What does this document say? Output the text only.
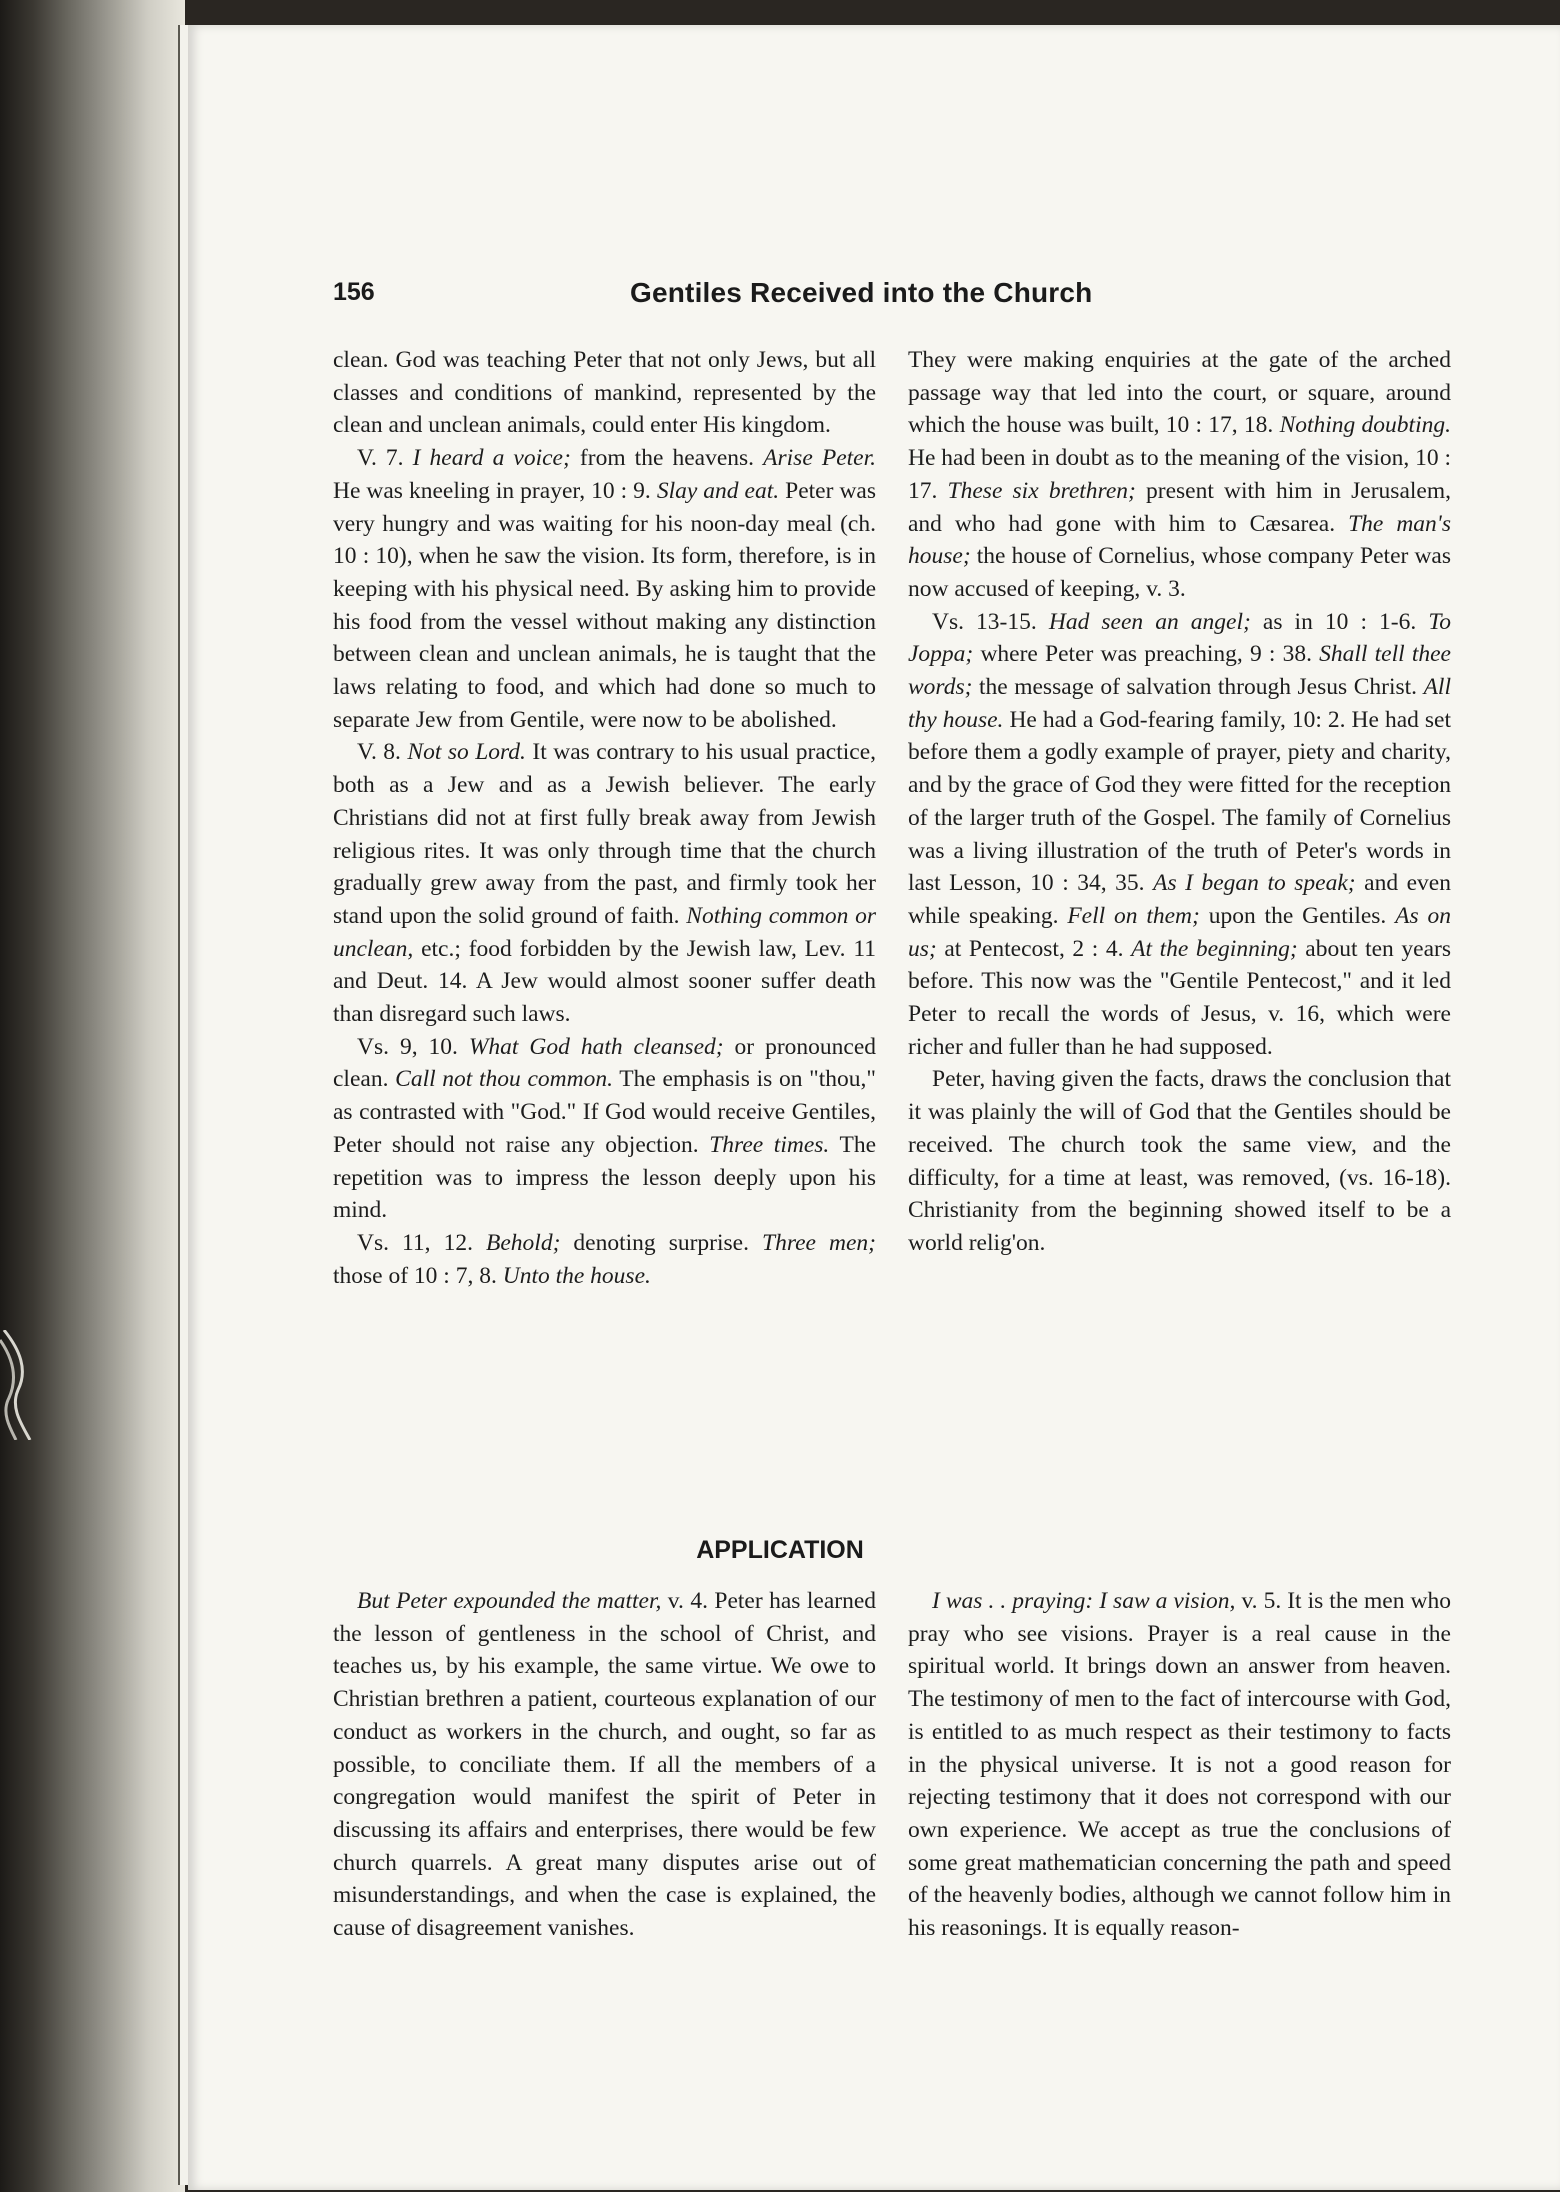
156	Gentiles Received into the Church

clean. God was teaching Peter that not only Jews, but all classes and conditions of mankind, represented by the clean and unclean animals, could enter His kingdom.

V. 7. I heard a voice; from the heavens. Arise Peter. He was kneeling in prayer, 10 : 9. Slay and eat. Peter was very hungry and was waiting for his noon-day meal (ch. 10 : 10), when he saw the vision. Its form, therefore, is in keeping with his physical need. By asking him to provide his food from the vessel without making any distinction between clean and unclean animals, he is taught that the laws relating to food, and which had done so much to separate Jew from Gentile, were now to be abolished.

V. 8. Not so Lord. It was contrary to his usual practice, both as a Jew and as a Jewish believer. The early Christians did not at first fully break away from Jewish religious rites. It was only through time that the church gradually grew away from the past, and firmly took her stand upon the solid ground of faith. Nothing common or unclean, etc.; food forbidden by the Jewish law, Lev. 11 and Deut. 14. A Jew would almost sooner suffer death than disregard such laws.

Vs. 9, 10. What God hath cleansed; or pronounced clean. Call not thou common. The emphasis is on "thou," as contrasted with "God." If God would receive Gentiles, Peter should not raise any objection. Three times. The repetition was to impress the lesson deeply upon his mind.

Vs. 11, 12. Behold; denoting surprise. Three men; those of 10 : 7, 8. Unto the house.

They were making enquiries at the gate of the arched passage way that led into the court, or square, around which the house was built, 10 : 17, 18. Nothing doubting. He had been in doubt as to the meaning of the vision, 10 : 17. These six brethren; present with him in Jerusalem, and who had gone with him to Cæsarea. The man's house; the house of Cornelius, whose company Peter was now accused of keeping, v. 3.

Vs. 13-15. Had seen an angel; as in 10 : 1-6. To Joppa; where Peter was preaching, 9 : 38. Shall tell thee words; the message of salvation through Jesus Christ. All thy house. He had a God-fearing family, 10: 2. He had set before them a godly example of prayer, piety and charity, and by the grace of God they were fitted for the reception of the larger truth of the Gospel. The family of Cornelius was a living illustration of the truth of Peter's words in last Lesson, 10 : 34, 35. As I began to speak; and even while speaking. Fell on them; upon the Gentiles. As on us; at Pentecost, 2 : 4. At the beginning; about ten years before. This now was the "Gentile Pentecost," and it led Peter to recall the words of Jesus, v. 16, which were richer and fuller than he had supposed.

Peter, having given the facts, draws the conclusion that it was plainly the will of God that the Gentiles should be received. The church took the same view, and the difficulty, for a time at least, was removed, (vs. 16-18). Christianity from the beginning showed itself to be a world relig'on.

APPLICATION

But Peter expounded the matter, v. 4. Peter has learned the lesson of gentleness in the school of Christ, and teaches us, by his example, the same virtue. We owe to Christian brethren a patient, courteous explanation of our conduct as workers in the church, and ought, so far as possible, to conciliate them. If all the members of a congregation would manifest the spirit of Peter in discussing its affairs and enterprises, there would be few church quarrels. A great many disputes arise out of misunderstandings, and when the case is explained, the cause of disagreement vanishes.

I was . . praying: I saw a vision, v. 5. It is the men who pray who see visions. Prayer is a real cause in the spiritual world. It brings down an answer from heaven. The testimony of men to the fact of intercourse with God, is entitled to as much respect as their testimony to facts in the physical universe. It is not a good reason for rejecting testimony that it does not correspond with our own experience. We accept as true the conclusions of some great mathematician concerning the path and speed of the heavenly bodies, although we cannot follow him in his reasonings. It is equally reason-
